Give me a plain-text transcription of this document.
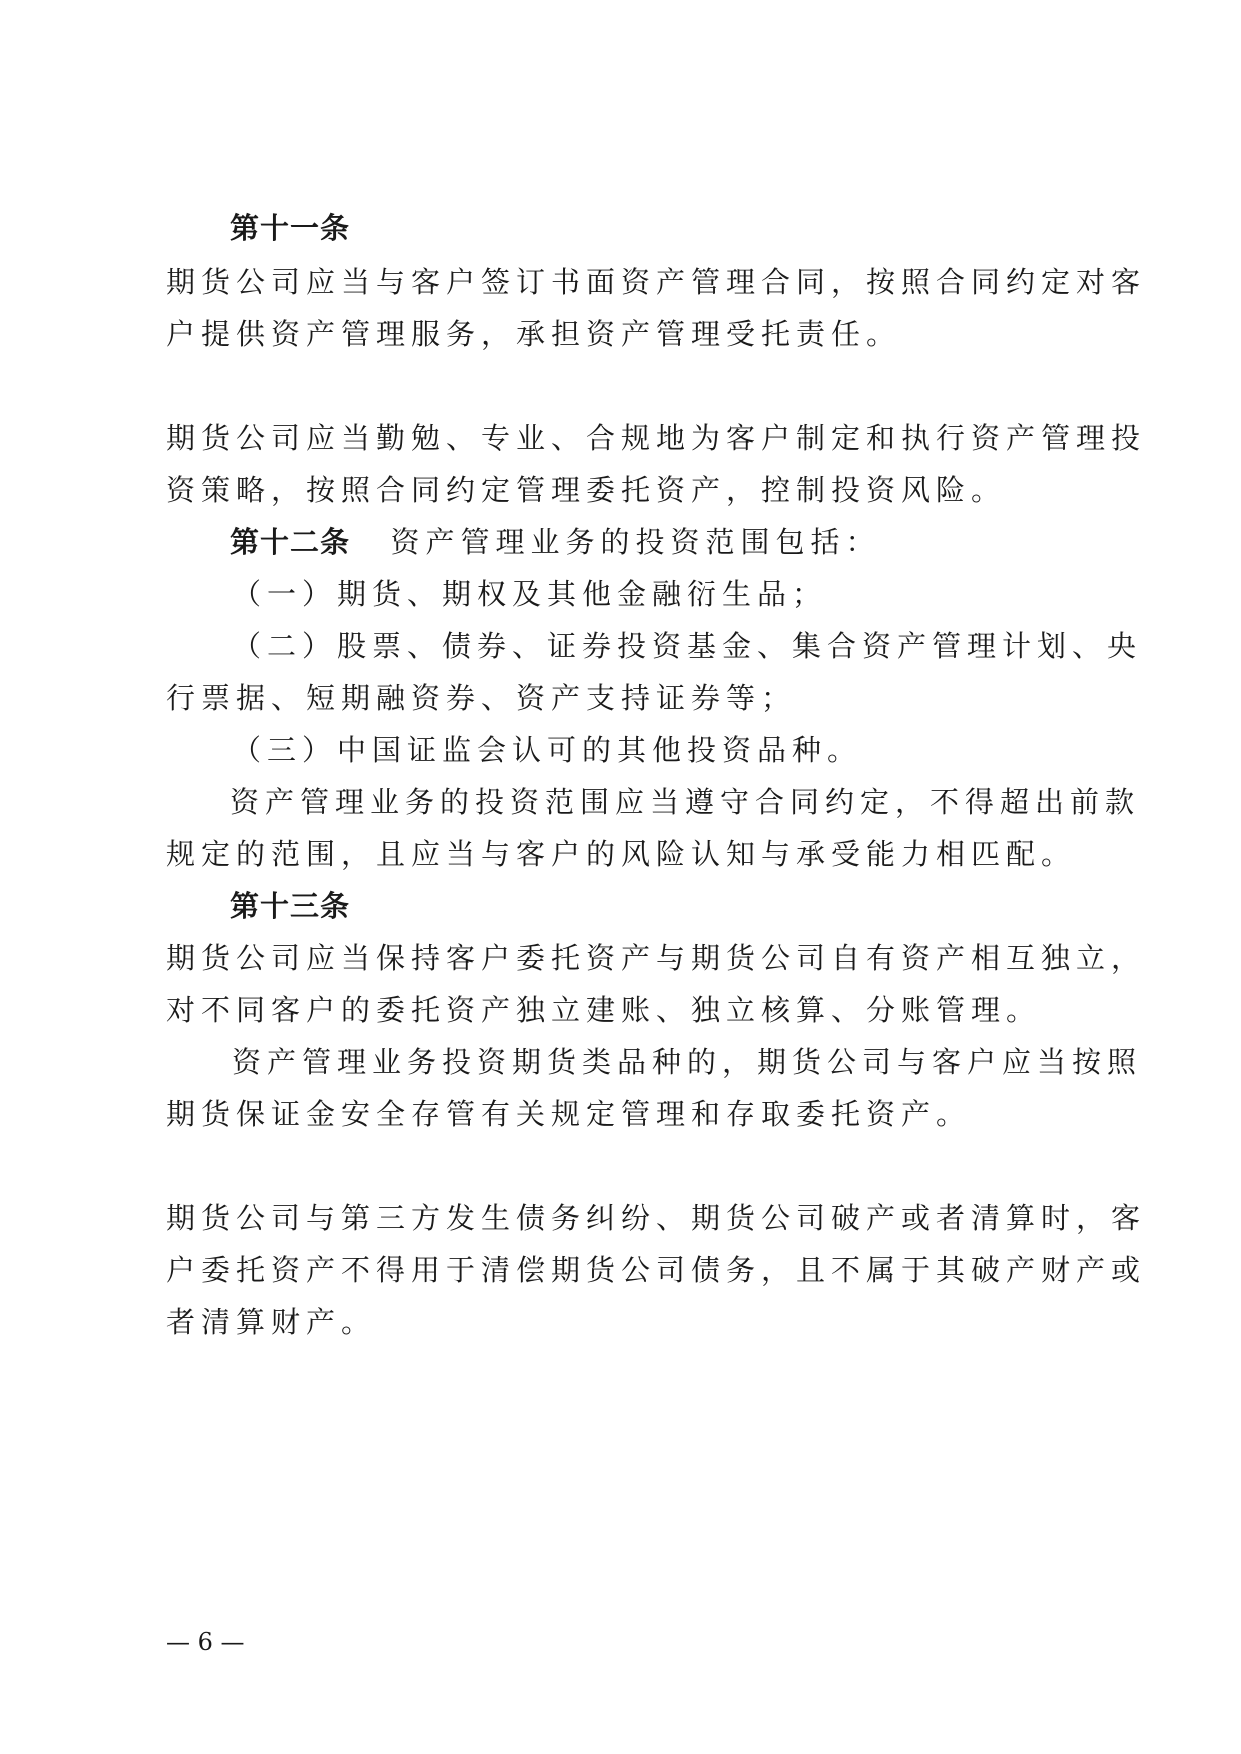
第十一条
期货公司应当与客户签订书面资产管理合同，按照合同约定对客
户提供资产管理服务，承担资产管理受托责任。
期货公司应当勤勉、专业、合规地为客户制定和执行资产管理投
资策略，按照合同约定管理委托资产，控制投资风险。
第十二条 资产管理业务的投资范围包括：
（一）期货、期权及其他金融衍生品；
（二）股票、债券、证券投资基金、集合资产管理计划、央
行票据、短期融资券、资产支持证券等；
（三）中国证监会认可的其他投资品种。
资产管理业务的投资范围应当遵守合同约定，不得超出前款
规定的范围，且应当与客户的风险认知与承受能力相匹配。
第十三条
期货公司应当保持客户委托资产与期货公司自有资产相互独立，
对不同客户的委托资产独立建账、独立核算、分账管理。
资产管理业务投资期货类品种的，期货公司与客户应当按照
期货保证金安全存管有关规定管理和存取委托资产。
期货公司与第三方发生债务纠纷、期货公司破产或者清算时，客
户委托资产不得用于清偿期货公司债务，且不属于其破产财产或
者清算财产。
— 6 —
